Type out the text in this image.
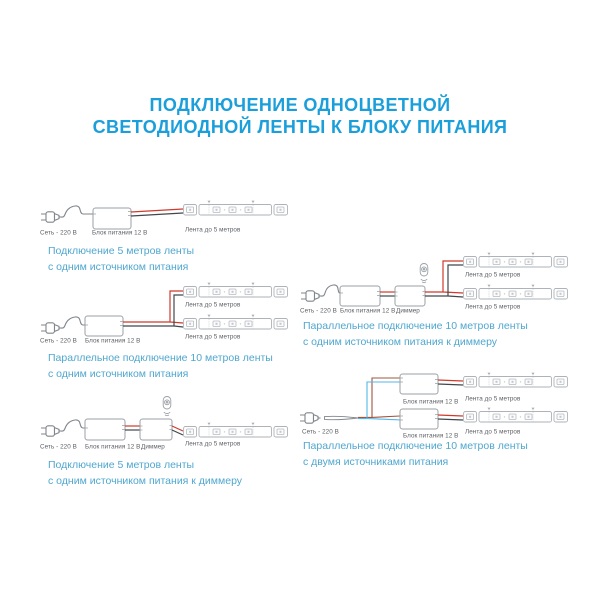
ПОДКЛЮЧЕНИЕ ОДНОЦВЕТНОЙ
СВЕТОДИОДНОЙ ЛЕНТЫ К БЛОКУ ПИТАНИЯ
Сеть - 220 В Блок питания 12 В	Лента до 5 метров
Подключение 5 метров ленты
с одним источником питания
Лента до 5 метров
Лента до 5 метров
Сеть - 220 В Блок питания 12 В
Параллельное подключение 10 метров ленты
с одним источником питания
Сеть - 220 В Блок питания 12 В Диммер Лента до 5 метров
Подключение 5 метров ленты
с одним источником питания к диммеру
Лента до 5 метров
Лента до 5 метров
Сеть - 220 В Блок питания 12 В Диммер
Параллельное подключение 10 метров ленты
с одним источником питания к диммеру
Лента до 5 метров
Блок питания 12 В
Сеть - 220 В
Блок питания 12 В
Лента до 5 метров
Параллельное подключение 10 метров ленты
с двумя источниками питания
